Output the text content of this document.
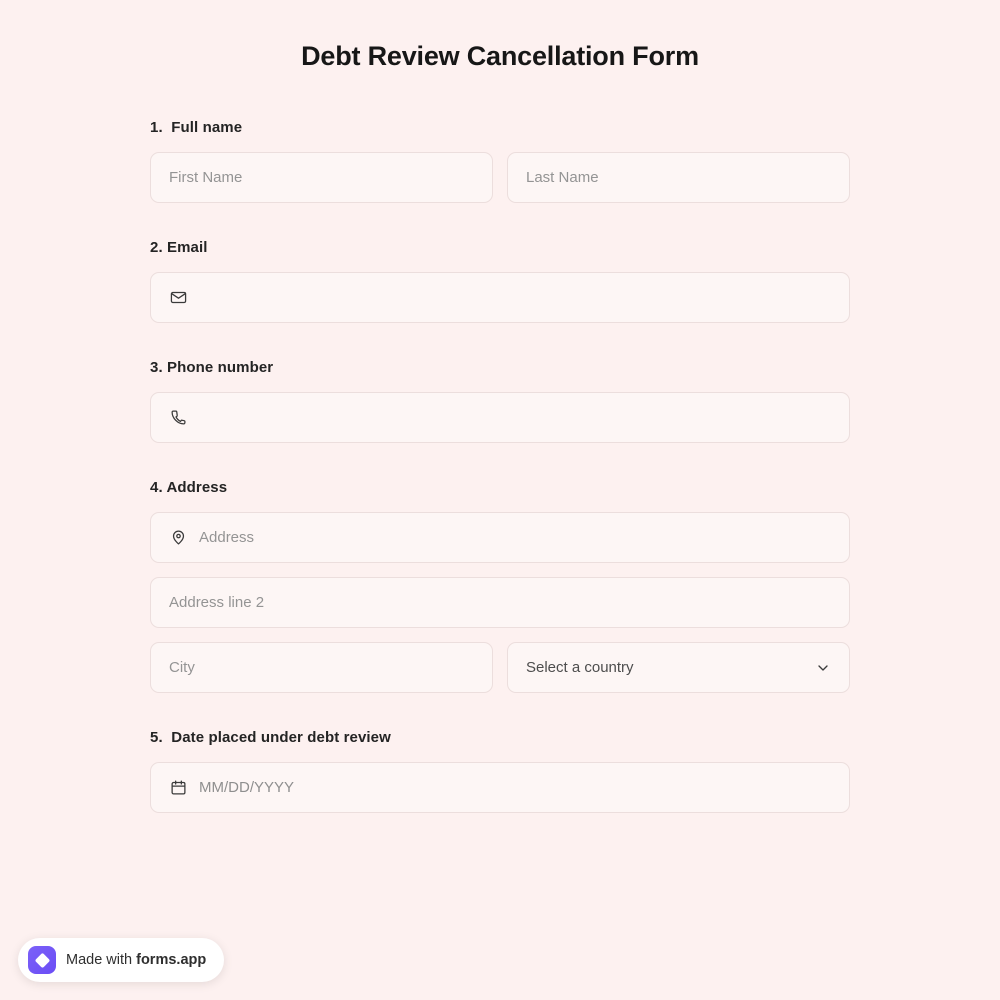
Debt Review Cancellation Form
1. Full name
First Name	Last Name
2. Email
3. Phone number
4. Address
Address
Address line 2
City	Select a country
5. Date placed under debt review
MM/DD/YYYY
Made with forms.app
